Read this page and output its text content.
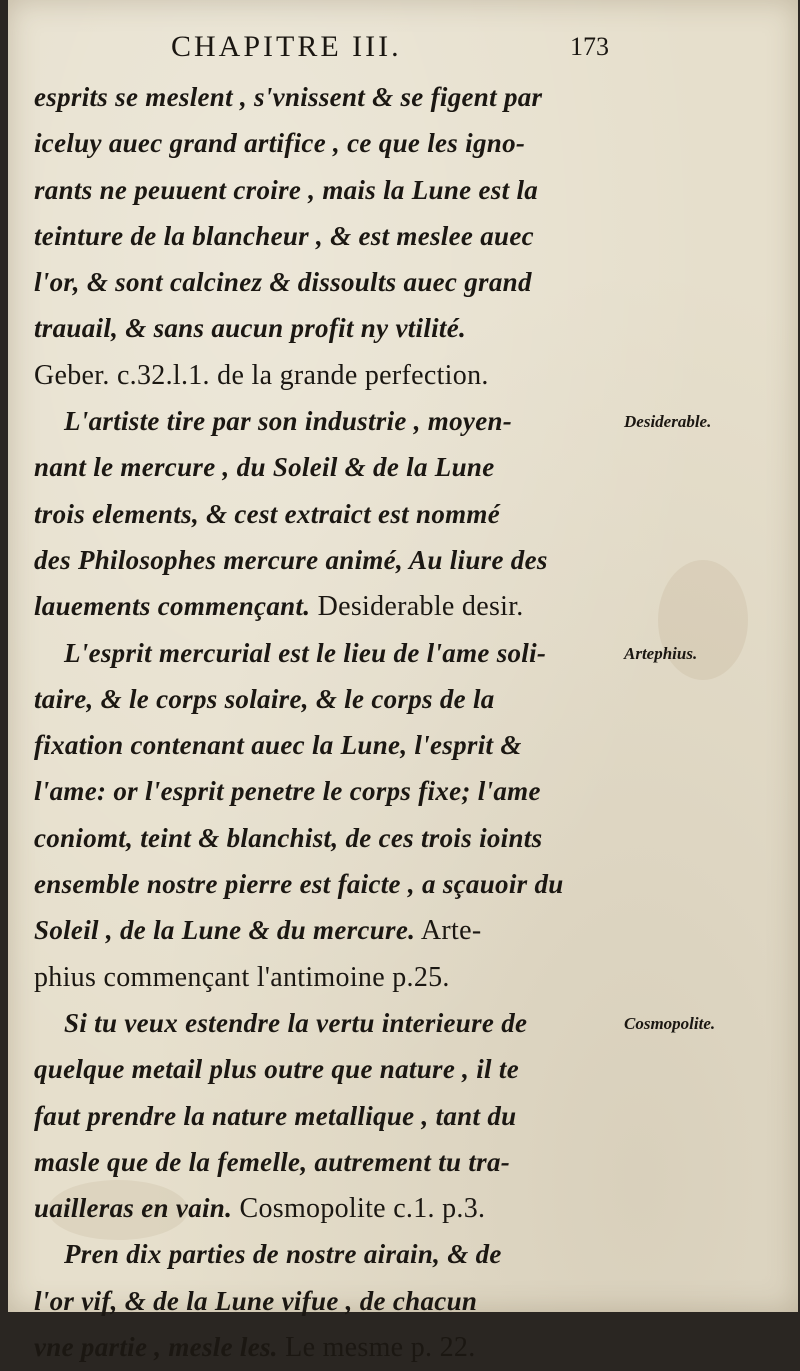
CHAPITRE III.	173
esprits se meslent , s'vnissent & se figent par
iceluy auec grand artifice , ce que les igno-
rants ne peuuent croire , mais la Lune est la
teinture de la blancheur , & est meslee auec
l'or, & sont calcinez & dissoults auec grand
trauail, & sans aucun profit ny vtilité.
Geber. c.32.l.1. de la grande perfection.
L'artiste tire par son industrie , moyen-
nant le mercure , du Soleil & de la Lune
trois elements, & cest extraict est nommé
des Philosophes mercure animé, Au liure des
lauements commençant. Desiderable desir.
L'esprit mercurial est le lieu de l'ame soli-
taire, & le corps solaire, & le corps de la
fixation contenant auec la Lune, l'esprit &
l'ame: or l'esprit penetre le corps fixe; l'ame
coniomt, teint & blanchist, de ces trois ioints
ensemble nostre pierre est faicte , a sçauoir du
Soleil , de la Lune & du mercure. Arte-
phius commençant l'antimoine p.25.
Si tu veux estendre la vertu interieure de
quelque metail plus outre que nature , il te
faut prendre la nature metallique , tant du
masle que de la femelle, autrement tu tra-
uailleras en vain. Cosmopolite c.1. p.3.
Pren dix parties de nostre airain, & de
l'or vif, & de la Lune vifue , de chacun
vne partie , mesle les. Le mesme p. 22.
Desiderable.
Artephius.
Cosmopolite.
